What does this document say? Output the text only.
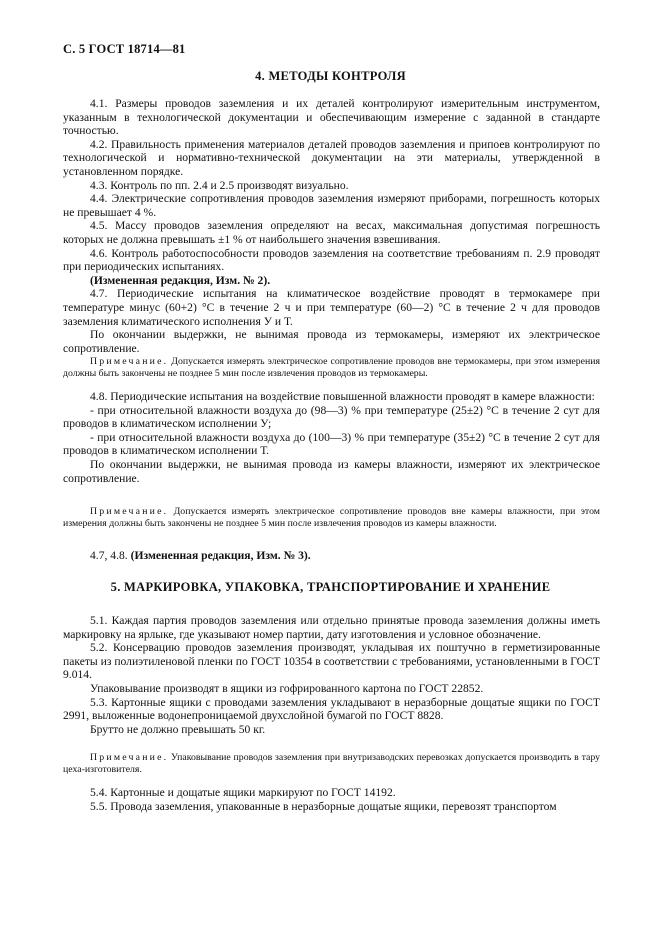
С. 5 ГОСТ 18714—81
4. МЕТОДЫ КОНТРОЛЯ

4.1. Размеры проводов заземления и их деталей контролируют измерительным инструментом, указанным в технологической документации и обеспечивающим измерение с заданной в стандарте точностью.

4.2. Правильность применения материалов деталей проводов заземления и припоев контролируют по технологической и нормативно-технической документации на эти материалы, утвержденной в установленном порядке.

4.3. Контроль по пп. 2.4 и 2.5 производят визуально.

4.4. Электрические сопротивления проводов заземления измеряют приборами, погрешность которых не превышает 4 %.

4.5. Массу проводов заземления определяют на весах, максимальная допустимая погрешность которых не должна превышать ±1 % от наибольшего значения взвешивания.

4.6. Контроль работоспособности проводов заземления на соответствие требованиям п. 2.9 проводят при периодических испытаниях.

(Измененная редакция, Изм. № 2).

4.7. Периодические испытания на климатическое воздействие проводят в термокамере при температуре минус (60+2) °С в течение 2 ч и при температуре (60—2) °С в течение 2 ч для проводов заземления климатического исполнения У и Т.

По окончании выдержки, не вынимая провода из термокамеры, измеряют их электрическое сопротивление.

Примечание. Допускается измерять электрическое сопротивление проводов вне термокамеры, при этом измерения должны быть закончены не позднее 5 мин после извлечения проводов из термокамеры.

4.8. Периодические испытания на воздействие повышенной влажности проводят в камере влажности:

- при относительной влажности воздуха до (98—3) % при температуре (25±2) °С в течение 2 сут для проводов в климатическом исполнении У;

- при относительной влажности воздуха до (100—3) % при температуре (35±2) °С в течение 2 сут для проводов в климатическом исполнении Т.

По окончании выдержки, не вынимая провода из камеры влажности, измеряют их электрическое сопротивление.

Примечание. Допускается измерять электрическое сопротивление проводов вне камеры влажности, при этом измерения должны быть закончены не позднее 5 мин после извлечения проводов из камеры влажности.

4.7, 4.8. (Измененная редакция, Изм. № 3).

5. МАРКИРОВКА, УПАКОВКА, ТРАНСПОРТИРОВАНИЕ И ХРАНЕНИЕ

5.1. Каждая партия проводов заземления или отдельно принятые провода заземления должны иметь маркировку на ярлыке, где указывают номер партии, дату изготовления и условное обозначение.

5.2. Консервацию проводов заземления производят, укладывая их поштучно в герметизированные пакеты из полиэтиленовой пленки по ГОСТ 10354 в соответствии с требованиями, установленными в ГОСТ 9.014.

Упаковывание производят в ящики из гофрированного картона по ГОСТ 22852.

5.3. Картонные ящики с проводами заземления укладывают в неразборные дощатые ящики по ГОСТ 2991, выложенные водонепроницаемой двухслойной бумагой по ГОСТ 8828.

Брутто не должно превышать 50 кг.

Примечание. Упаковывание проводов заземления при внутризаводских перевозках допускается производить в тару цеха-изготовителя.

5.4. Картонные и дощатые ящики маркируют по ГОСТ 14192.

5.5. Провода заземления, упакованные в неразборные дощатые ящики, перевозят транспортом
